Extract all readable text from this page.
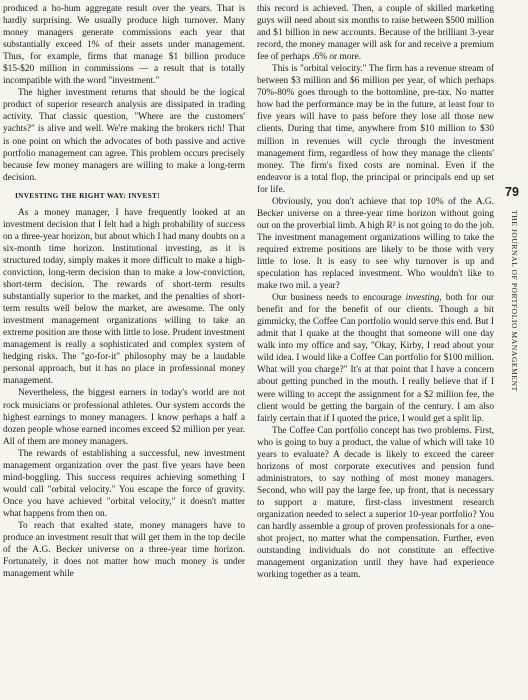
produced a ho-hum aggregate result over the years. That is hardly surprising. We usually produce high turnover. Many money managers generate commissions each year that substantially exceed 1% of their assets under management. Thus, for example, firms that manage $1 billion produce $15-$20 million in commissions — a result that is totally incompatible with the word "investment."

The higher investment returns that should be the logical product of superior research analysis are dissipated in trading activity. That classic question, "Where are the customers' yachts?" is alive and well. We're making the brokers rich! That is one point on which the advocates of both passive and active portfolio management can agree. This problem occurs precisely because few money managers are willing to make a long-term decision.

INVESTING THE RIGHT WAY: INVEST!

As a money manager, I have frequently looked at an investment decision that I felt had a high probability of success on a three-year horizon, but about which I had many doubts on a six-month time horizon. Institutional investing, as it is structured today, simply makes it more difficult to make a high-conviction, long-term decision than to make a low-conviction, short-term decision. The rewards of short-term results substantially superior to the market, and the penalties of short-term results well below the market, are awesome. The only investment management organizations willing to take an extreme position are those with little to lose. Prudent investment management is really a sophisticated and complex system of hedging risks. The "go-for-it" philosophy may be a laudable personal approach, but it has no place in professional money management.

Nevertheless, the biggest earners in today's world are not rock musicians or professional athletes. Our system accords the highest earnings to money managers. I know perhaps a half a dozen people whose earned incomes exceed $2 million per year. All of them are money managers.

The rewards of establishing a successful, new investment management organization over the past five years have been mind-boggling. This success requires achieving something I would call "orbital velocity." You escape the force of gravity. Once you have achieved "orbital velocity," it doesn't matter what happens from then on.

To reach that exalted state, money managers have to produce an investment result that will get them in the top decile of the A.G. Becker universe on a three-year time horizon. Fortunately, it does not matter how much money is under management while

this record is achieved. Then, a couple of skilled marketing guys will need about six months to raise between $500 million and $1 billion in new accounts. Because of the brilliant 3-year record, the money manager will ask for and receive a premium fee of perhaps .6% or more.

This is "orbital velocity." The firm has a revenue stream of between $3 million and $6 million per year, of which perhaps 70%-80% goes through to the bottomline, pre-tax. No matter how bad the performance may be in the future, at least four to five years will have to pass before they lose all those new clients. During that time, anywhere from $10 million to $30 million in revenues will cycle through the investment management firm, regardless of how they manage the clients' money. The firm's fixed costs are nominal. Even if the endeavor is a total flop, the principal or principals end up set for life.

Obviously, you don't achieve that top 10% of the A.G. Becker universe on a three-year time horizon without going out on the proverbial limb. A high R² is not going to do the job. The investment management organizations willing to take the required extreme positions are likely to be those with very little to lose. It is easy to see why turnover is up and speculation has replaced investment. Who wouldn't like to make two mil. a year?

Our business needs to encourage investing, both for our benefit and for the benefit of our clients. Though a bit gimmicky, the Coffee Can portfolio would serve this end. But I admit that I quake at the thought that someone will one day walk into my office and say, "Okay, Kirby, I read about your wild idea. I would like a Coffee Can portfolio for $100 million. What will you charge?" It's at that point that I have a concern about getting punched in the mouth. I really believe that if I were willing to accept the assignment for a $2 million fee, the client would be getting the bargain of the century. I am also fairly certain that if I quoted the price, I would get a split lip.

The Coffee Can portfolio concept has two problems. First, who is going to buy a product, the value of which will take 10 years to evaluate? A decade is likely to exceed the career horizons of most corporate executives and pension fund administrators, to say nothing of most money managers. Second, who will pay the large fee, up front, that is necessary to support a mature, first-class investment research organization needed to select a superior 10-year portfolio? You can hardly assemble a group of proven professionals for a one-shot project, no matter what the compensation. Further, even outstanding individuals do not constitute an effective management organization until they have had experience working together as a team.

79
THE JOURNAL OF PORTFOLIO MANAGEMENT
